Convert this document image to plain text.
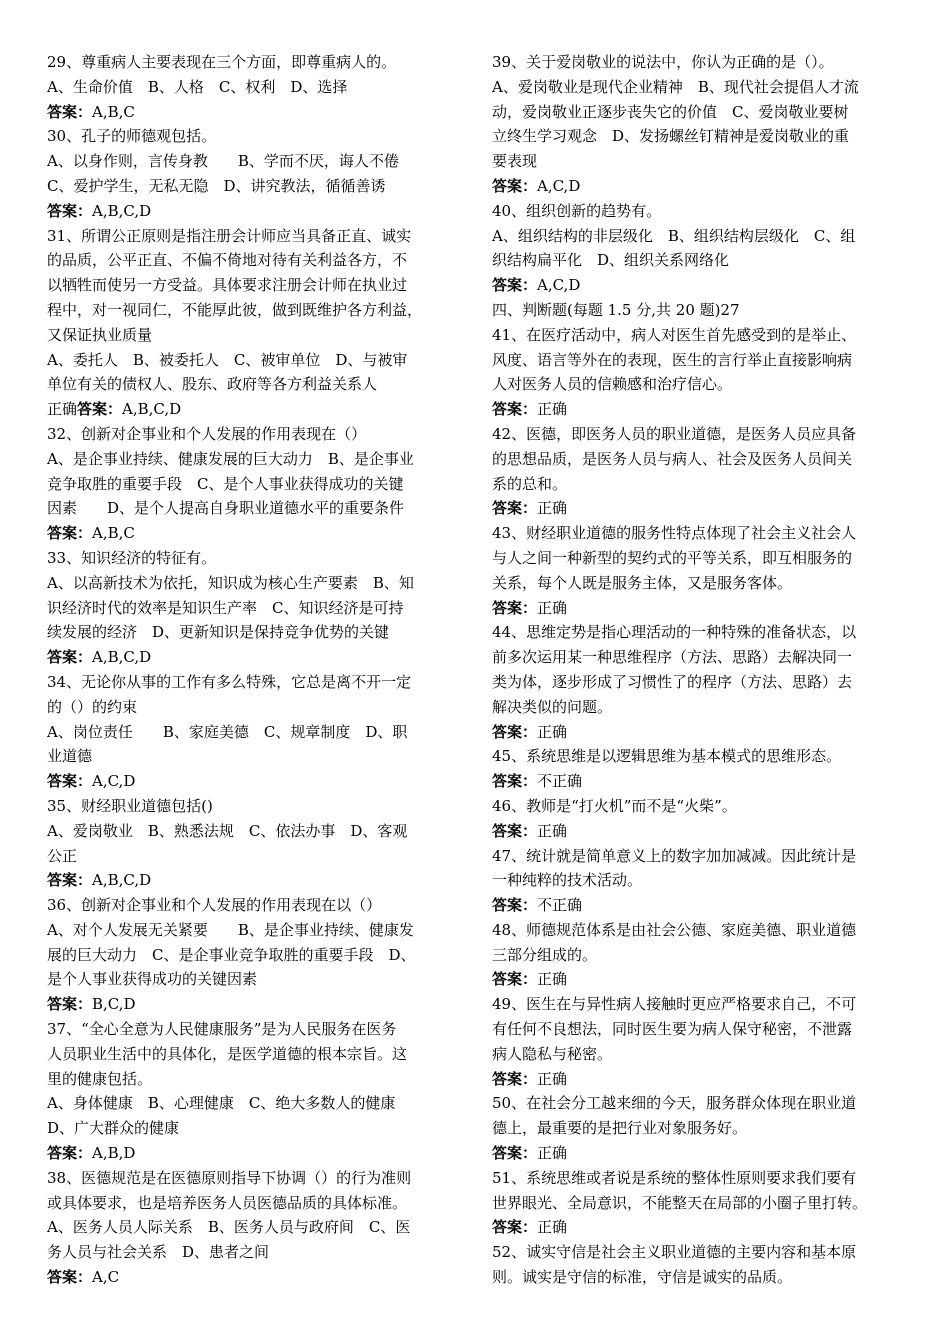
29、尊重病人主要表现在三个方面，即尊重病人的。
A、生命价值　B、人格　C、权利　D、选择
答案：A,B,C
30、孔子的师德观包括。
A、以身作则，言传身教　　B、学而不厌，诲人不倦
C、爱护学生，无私无隐　D、讲究教法，循循善诱
答案：A,B,C,D
31、所谓公正原则是指注册会计师应当具备正直、诚实
的品质，公平正直、不偏不倚地对待有关利益各方，不
以牺牲而使另一方受益。具体要求注册会计师在执业过
程中，对一视同仁，不能厚此彼，做到既维护各方利益，
又保证执业质量
A、委托人　B、被委托人　C、被审单位　D、与被审
单位有关的债权人、股东、政府等各方利益关系人
正确答案：A,B,C,D
32、创新对企事业和个人发展的作用表现在（）
A、是企事业持续、健康发展的巨大动力　B、是企事业
竞争取胜的重要手段　C、是个人事业获得成功的关键
因素　　D、是个人提高自身职业道德水平的重要条件
答案：A,B,C
33、知识经济的特征有。
A、以高新技术为依托，知识成为核心生产要素　B、知
识经济时代的效率是知识生产率　C、知识经济是可持
续发展的经济　D、更新知识是保持竞争优势的关键
答案：A,B,C,D
34、无论你从事的工作有多么特殊，它总是离不开一定
的（）的约束
A、岗位责任　　B、家庭美德　C、规章制度　D、职
业道德
答案：A,C,D
35、财经职业道德包括()
A、爱岗敬业　B、熟悉法规　C、依法办事　D、客观
公正
答案：A,B,C,D
36、创新对企事业和个人发展的作用表现在以（）
A、对个人发展无关紧要　　B、是企事业持续、健康发
展的巨大动力　C、是企事业竞争取胜的重要手段　D、
是个人事业获得成功的关键因素
答案：B,C,D
37、“全心全意为人民健康服务”是为人民服务在医务
人员职业生活中的具体化，是医学道德的根本宗旨。这
里的健康包括。
A、身体健康　B、心理健康　C、绝大多数人的健康
D、广大群众的健康
答案：A,B,D
38、医德规范是在医德原则指导下协调（）的行为准则
或具体要求，也是培养医务人员医德品质的具体标准。
A、医务人员人际关系　B、医务人员与政府间　C、医
务人员与社会关系　D、患者之间
答案：A,C
39、关于爱岗敬业的说法中，你认为正确的是（）。
A、爱岗敬业是现代企业精神　B、现代社会提倡人才流
动，爱岗敬业正逐步丧失它的价值　C、爱岗敬业要树
立终生学习观念　D、发扬螺丝钉精神是爱岗敬业的重
要表现
答案：A,C,D
40、组织创新的趋势有。
A、组织结构的非层级化　B、组织结构层级化　C、组
织结构扁平化　D、组织关系网络化
答案：A,C,D
四、判断题(每题 1.5 分,共 20 题)27
41、在医疗活动中，病人对医生首先感受到的是举止、
风度、语言等外在的表现，医生的言行举止直接影响病
人对医务人员的信赖感和治疗信心。
答案：正确
42、医德，即医务人员的职业道德，是医务人员应具备
的思想品质，是医务人员与病人、社会及医务人员间关
系的总和。
答案：正确
43、财经职业道德的服务性特点体现了社会主义社会人
与人之间一种新型的契约式的平等关系，即互相服务的
关系，每个人既是服务主体，又是服务客体。
答案：正确
44、思维定势是指心理活动的一种特殊的准备状态，以
前多次运用某一种思维程序（方法、思路）去解决同一
类为体，逐步形成了习惯性了的程序（方法、思路）去
解决类似的问题。
答案：正确
45、系统思维是以逻辑思维为基本模式的思维形态。
答案：不正确
46、教师是“打火机”而不是“火柴”。
答案：正确
47、统计就是简单意义上的数字加加减减。因此统计是
一种纯粹的技术活动。
答案：不正确
48、师德规范体系是由社会公德、家庭美德、职业道德
三部分组成的。
答案：正确
49、医生在与异性病人接触时更应严格要求自己，不可
有任何不良想法，同时医生要为病人保守秘密，不泄露
病人隐私与秘密。
答案：正确
50、在社会分工越来细的今天，服务群众体现在职业道
德上，最重要的是把行业对象服务好。
答案：正确
51、系统思维或者说是系统的整体性原则要求我们要有
世界眼光、全局意识，不能整天在局部的小圈子里打转。
答案：正确
52、诚实守信是社会主义职业道德的主要内容和基本原
则。诚实是守信的标准，守信是诚实的品质。
